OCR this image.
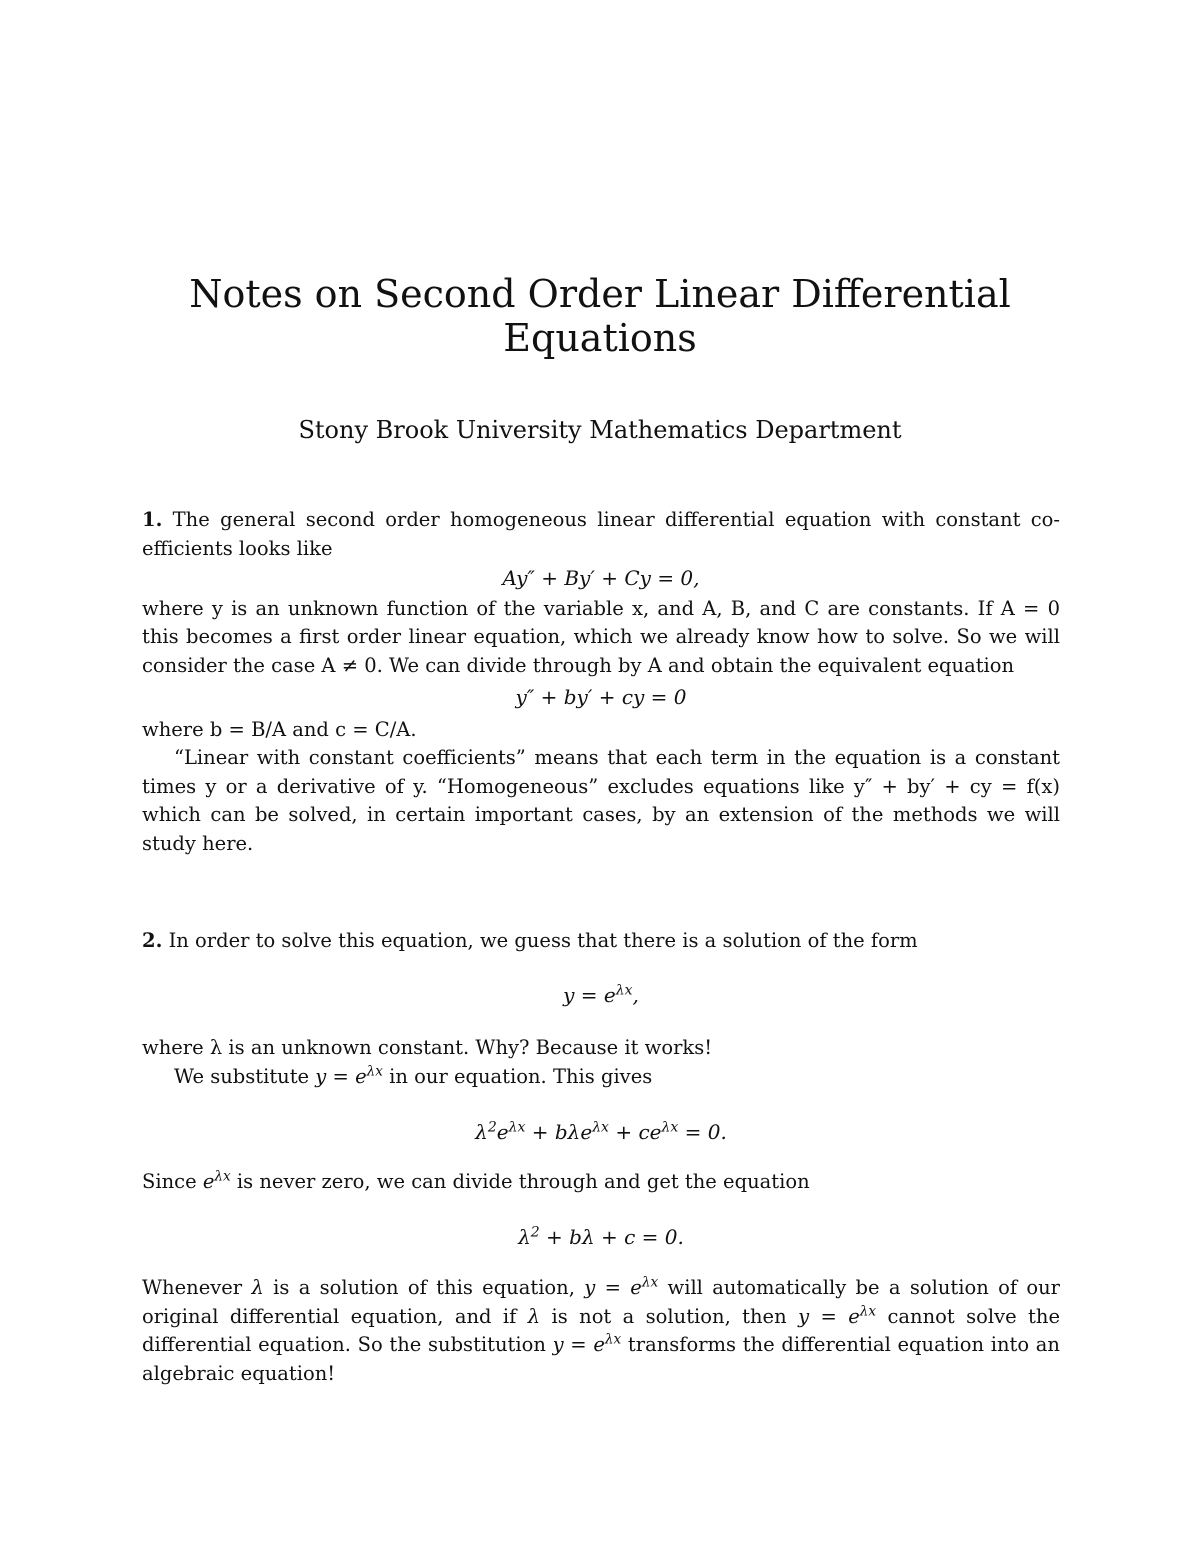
Notes on Second Order Linear Differential
Equations

Stony Brook University Mathematics Department

1. The general second order homogeneous linear differential equation with constant co-efficients looks like

Ay″ + By′ + Cy = 0,

where y is an unknown function of the variable x, and A, B, and C are constants. If A = 0 this becomes a first order linear equation, which we already know how to solve. So we will consider the case A ≠ 0. We can divide through by A and obtain the equivalent equation

y″ + by′ + cy = 0

where b = B/A and c = C/A.

“Linear with constant coefficients” means that each term in the equation is a constant times y or a derivative of y. “Homogeneous” excludes equations like y″ + by′ + cy = f(x) which can be solved, in certain important cases, by an extension of the methods we will study here.

2. In order to solve this equation, we guess that there is a solution of the form

$y = e^{\lambda x}$,

where λ is an unknown constant. Why? Because it works!

We substitute $y = e^{\lambda x}$ in our equation. This gives

$\lambda^2e^{\lambda x} + b\lambda e^{\lambda x} + ce^{\lambda x} = 0$.

Since $e^{\lambda x}$ is never zero, we can divide through and get the equation

$\lambda^2 + b\lambda + c = 0$.

Whenever λ is a solution of this equation, $y = e^{\lambda x}$ will automatically be a solution of our original differential equation, and if λ is not a solution, then $y = e^{\lambda x}$ cannot solve the differential equation. So the substitution $y = e^{\lambda x}$ transforms the differential equation into an algebraic equation!
